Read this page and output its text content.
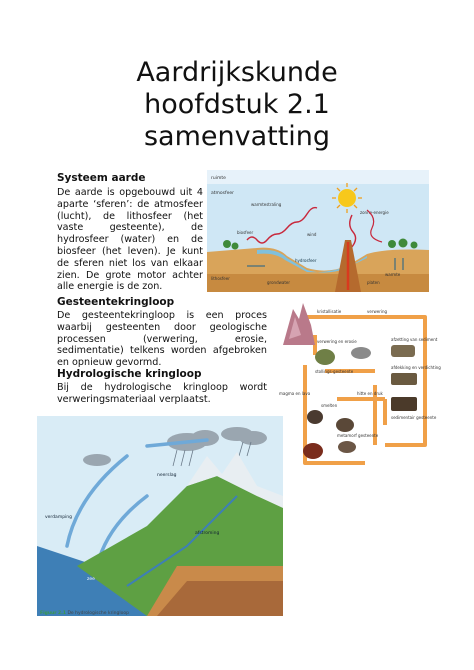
Aardrijkskunde
hoofdstuk 2.1
samenvatting
Systeem aarde
De aarde is opgebouwd uit 4 aparte ‘sferen’: de atmosfeer (lucht), de lithosfeer (het vaste gesteente), de hydrosfeer (water) en de biosfeer (het leven). Je kunt de sferen niet los van elkaar zien. De grote motor achter alle energie is de zon.
ruimte
atmosfeer
zonne-energie
warmtestraling
wind
biosfeer
hydrosfeer
lithosfeer
grondwater	platen
warmte
Gesteentekringloop
De gesteentekringloop is een proces waarbij gesteenten door geologische processen (verwering, erosie, sedimentatie) telkens worden afgebroken en opnieuw gevormd.
Hydrologische kringloop
Bij de hydrologische kringloop wordt verweringsmateriaal verplaatst.
kristallisatie	verwering
verwering en erosie
stollings-gesteente
afzetting van sediment
afdekking en verdichting
sedimentair gesteente
hitte en druk
magma en lava
smelten
metamorf gesteente
verdamping
zee
neerslag
afstroming
Figuur 2.1 De hydrologische kringloop
